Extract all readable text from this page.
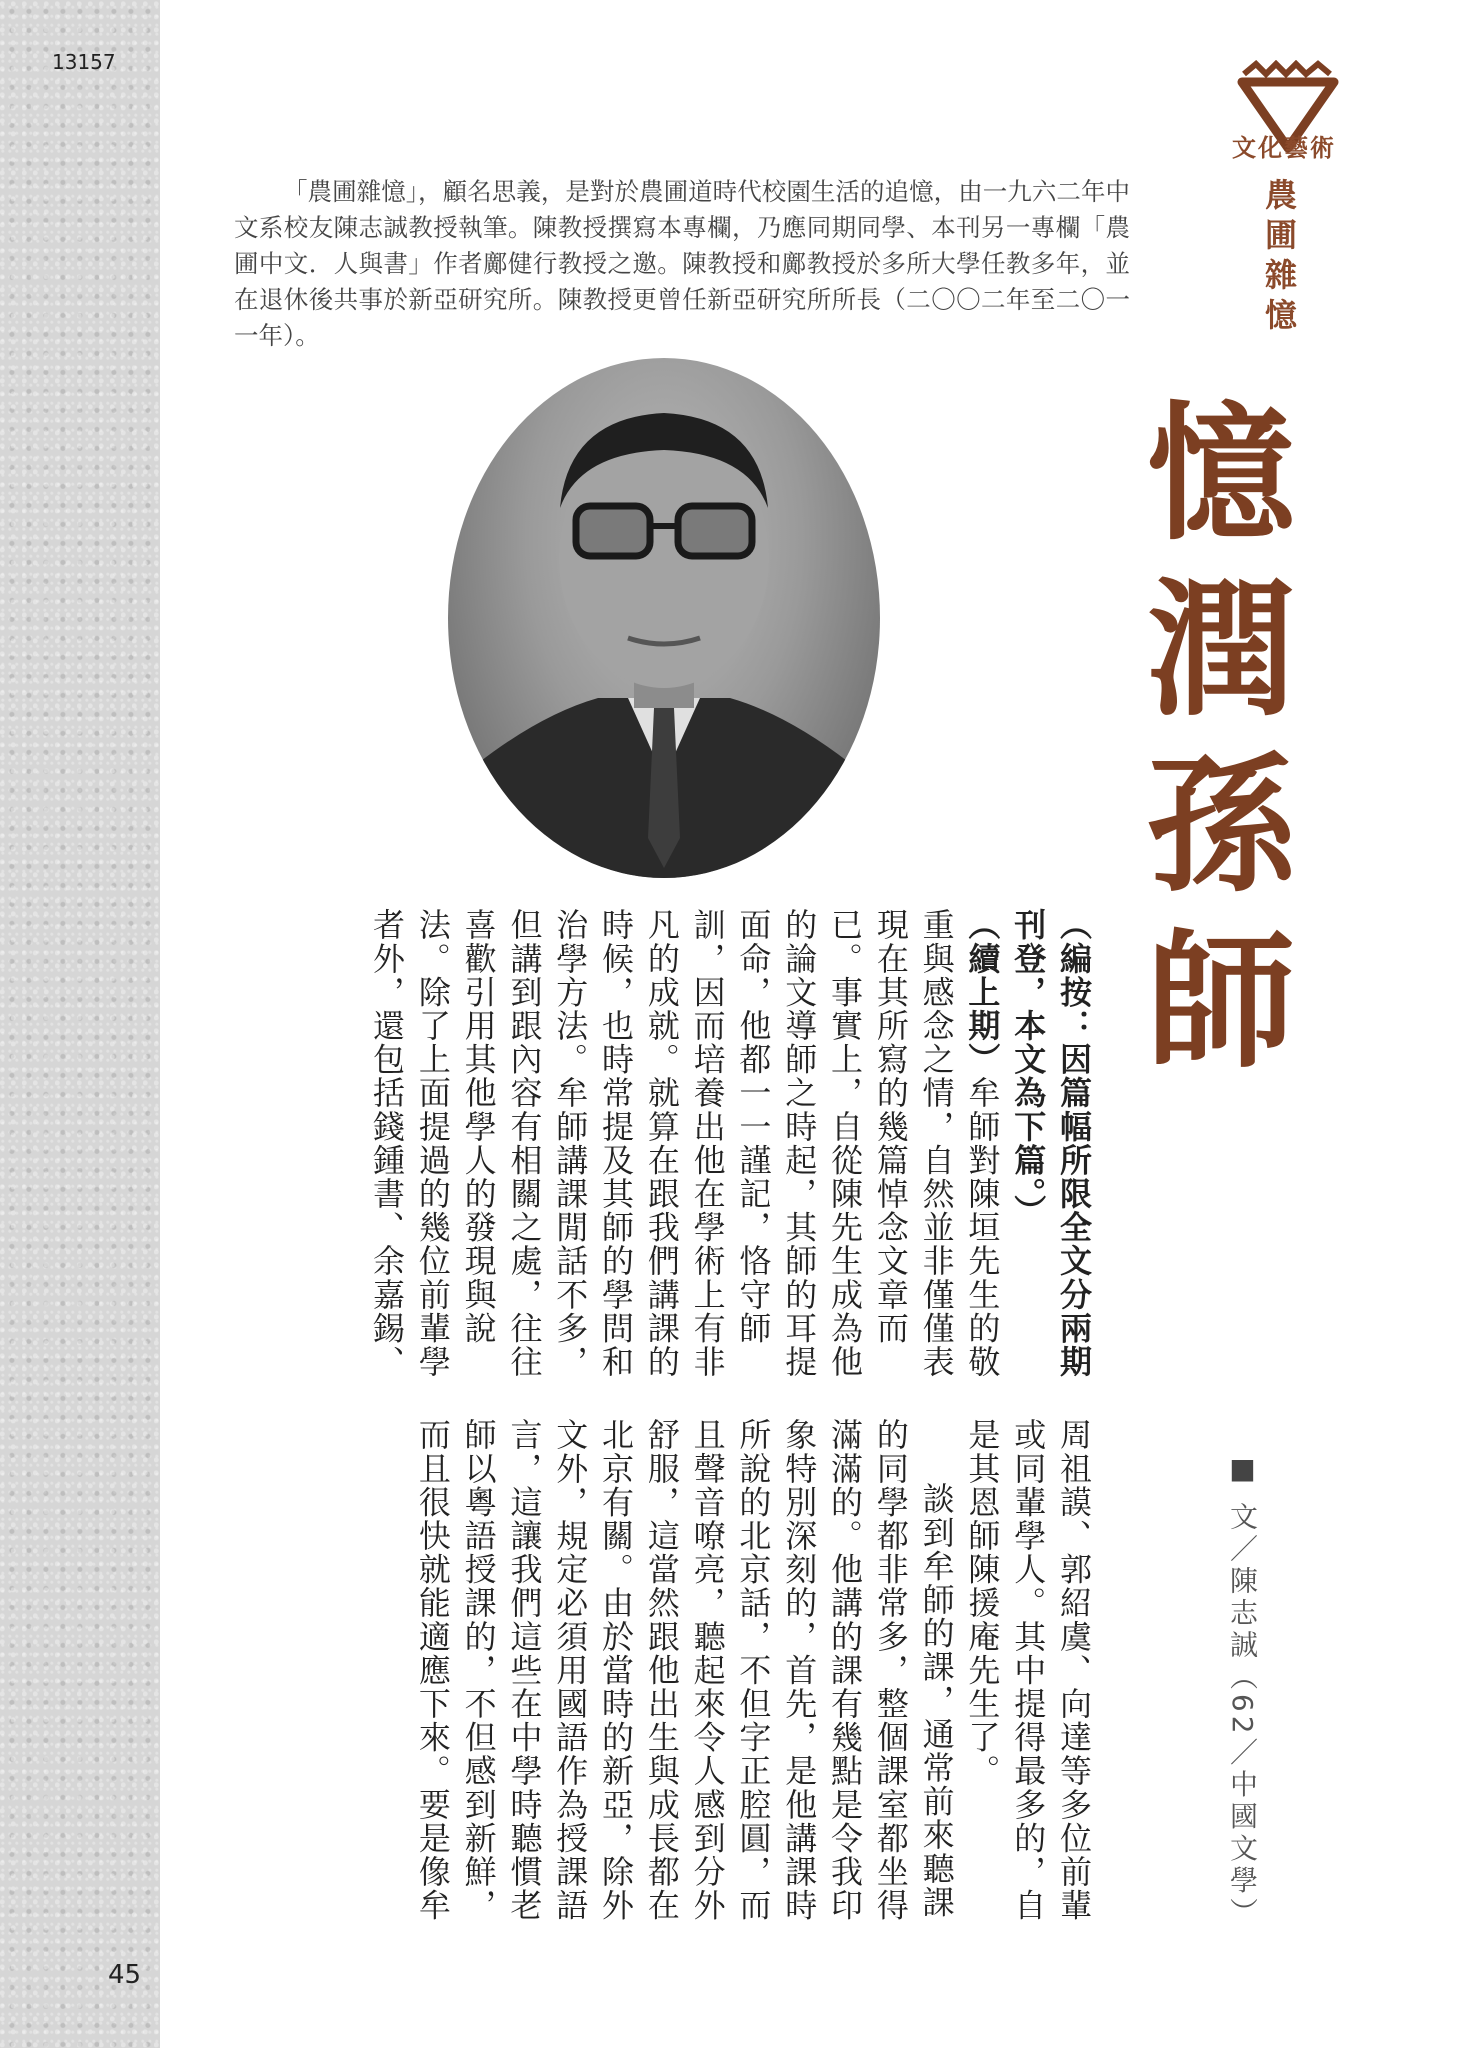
13157
45
文化藝術
農圃雜憶
「農圃雜憶」，顧名思義，是對於農圃道時代校園生活的追憶，由一九六二年中文系校友陳志誠教授執筆。陳教授撰寫本專欄，乃應同期同學、本刊另一專欄「農圃中文．人與書」作者鄺健行教授之邀。陳教授和鄺教授於多所大學任教多年，並在退休後共事於新亞研究所。陳教授更曾任新亞研究所所長（二〇〇二年至二〇一一年）。
憶潤孫師
■ 文／陳志誠（62／中國文學）
（編按：因篇幅所限全文分兩期刊登，本文為下篇。）
（續上期）牟師對陳垣先生的敬重與感念之情，自然並非僅僅表現在其所寫的幾篇悼念文章而已。事實上，自從陳先生成為他的論文導師之時起，其師的耳提面命，他都一一謹記，恪守師訓，因而培養出他在學術上有非凡的成就。就算在跟我們講課的時候，也時常提及其師的學問和治學方法。牟師講課閒話不多，但講到跟內容有相關之處，往往喜歡引用其他學人的發現與說法。除了上面提過的幾位前輩學者外，還包括錢鍾書、余嘉錫、
周祖謨、郭紹虞、向達等多位前輩或同輩學人。其中提得最多的，自是其恩師陳援庵先生了。
談到牟師的課，通常前來聽課的同學都非常多，整個課室都坐得滿滿的。他講的課有幾點是令我印象特別深刻的，首先，是他講課時所說的北京話，不但字正腔圓，而且聲音嘹亮，聽起來令人感到分外舒服，這當然跟他出生與成長都在北京有關。由於當時的新亞，除外文外，規定必須用國語作為授課語言，這讓我們這些在中學時聽慣老師以粵語授課的，不但感到新鮮，而且很快就能適應下來。要是像牟
